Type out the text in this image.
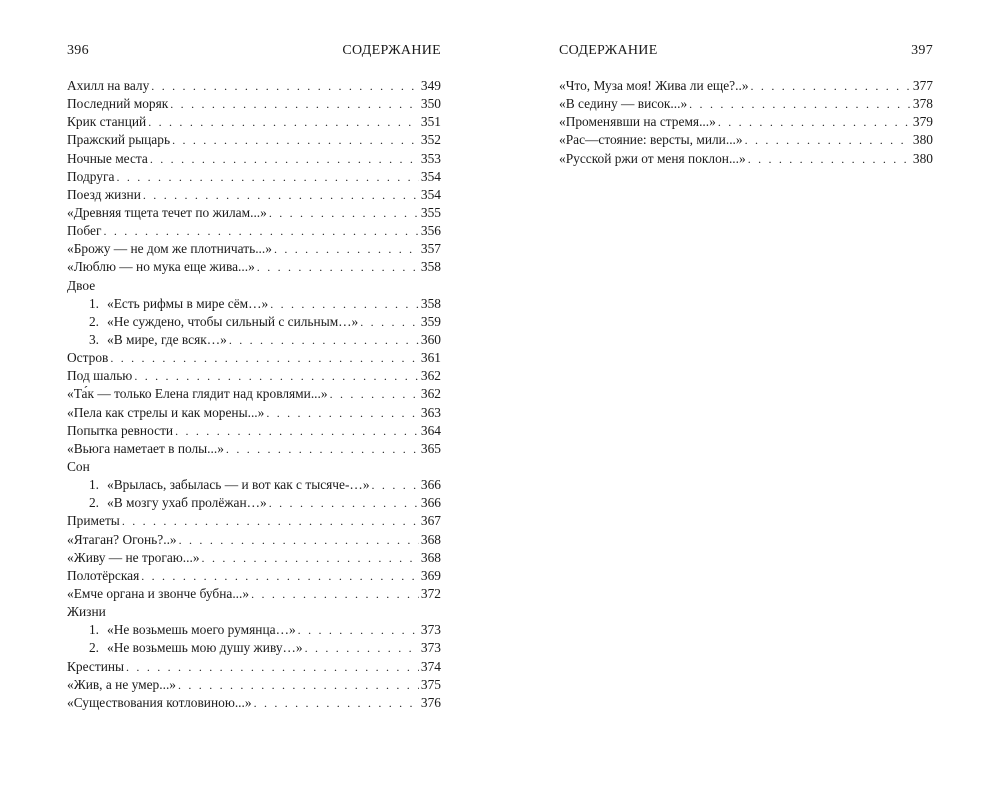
396	СОДЕРЖАНИЕ
Ахилл на валу . . .	349
Последний моряк . . .	350
Крик станций . . .	351
Пражский рыцарь . . .	352
Ночные места . . .	353
Подруга . . .	354
Поезд жизни . . .	354
«Древняя тщета течет по жилам...» . . .	355
Побег . . .	356
«Брожу — не дом же плотничать...» . . .	357
«Люблю — но мука еще жива...» . . .	358
Двое
1. «Есть рифмы в мире сём…» . . .	358
2. «Не суждено, чтобы сильный с сильным…» . . .	359
3. «В мире, где всяк…» . . .	360
Остров . . .	361
Под шалью . . .	362
«Та́к — только Елена глядит над кровлями...» . . .	362
«Пела как стрелы и как морены...» . . .	363
Попытка ревности . . .	364
«Вьюга наметает в полы...» . . .	365
Сон
1. «Врылась, забылась — и вот как с тысяче-…» . . .	366
2. «В мозгу ухаб пролёжан…» . . .	366
Приметы . . .	367
«Ятаган? Огонь?..» . . .	368
«Живу — не трогаю...» . . .	368
Полотёрская . . .	369
«Емче органа и звонче бубна...» . . .	372
Жизни
1. «Не возьмешь моего румянца…» . . .	373
2. «Не возьмешь мою душу живу…» . . .	373
Крестины . . .	374
«Жив, а не умер...» . . .	375
«Существования котловиною...» . . .	376
СОДЕРЖАНИЕ	397
«Что, Муза моя! Жива ли еще?..» . . .	377
«В седину — висок...» . . .	378
«Променявши на стремя...» . . .	379
«Рас—стояние: версты, мили...» . . .	380
«Русской ржи от меня поклон...» . . .	380
